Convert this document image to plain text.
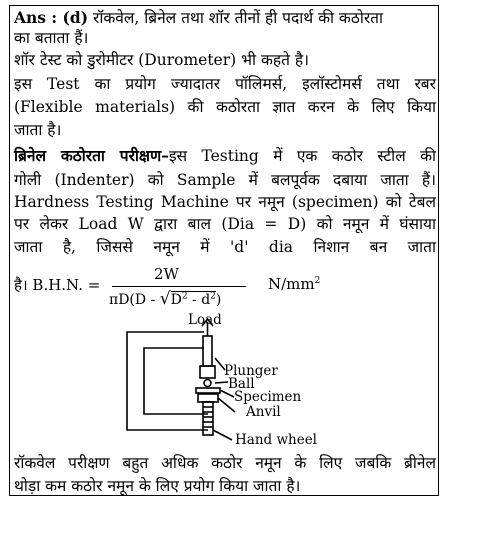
Ans : (d) रॉकवेल, ब्रिनेल तथा शॉर तीनों ही पदार्थ की कठोरता
का बताता हैं।
शॉर टेस्ट को डुरोमीटर (Durometer) भी कहते है।
इस Test का प्रयोग ज्यादातर पॉलिमर्स, इलॉस्टोमर्स तथा रबर
(Flexible materials) की कठोरता ज्ञात करन के लिए किया
जाता है।
ब्रिनेल कठोरता परीक्षण–इस Testing में एक कठोर स्टील की
गोली (Indenter) को Sample में बलपूर्वक दबाया जाता हैं।
Hardness Testing Machine पर नमून (specimen) को टेबल
पर लेकर Load W द्वारा बाल (Dia = D) को नमून में घंसाया
जाता है, जिससे नमून में 'd' dia निशान बन जाता
है। B.H.N. =
2W
$\pi D(D - √D^2 - d^2)$
$N/mm^2$
Load
Plunger
Ball
Specimen
Anvil
Hand wheel
रॉकवेल परीक्षण बहुत अधिक कठोर नमून के लिए जबकि ब्रीनेल
थोड़ा कम कठोर नमून के लिए प्रयोग किया जाता है।
